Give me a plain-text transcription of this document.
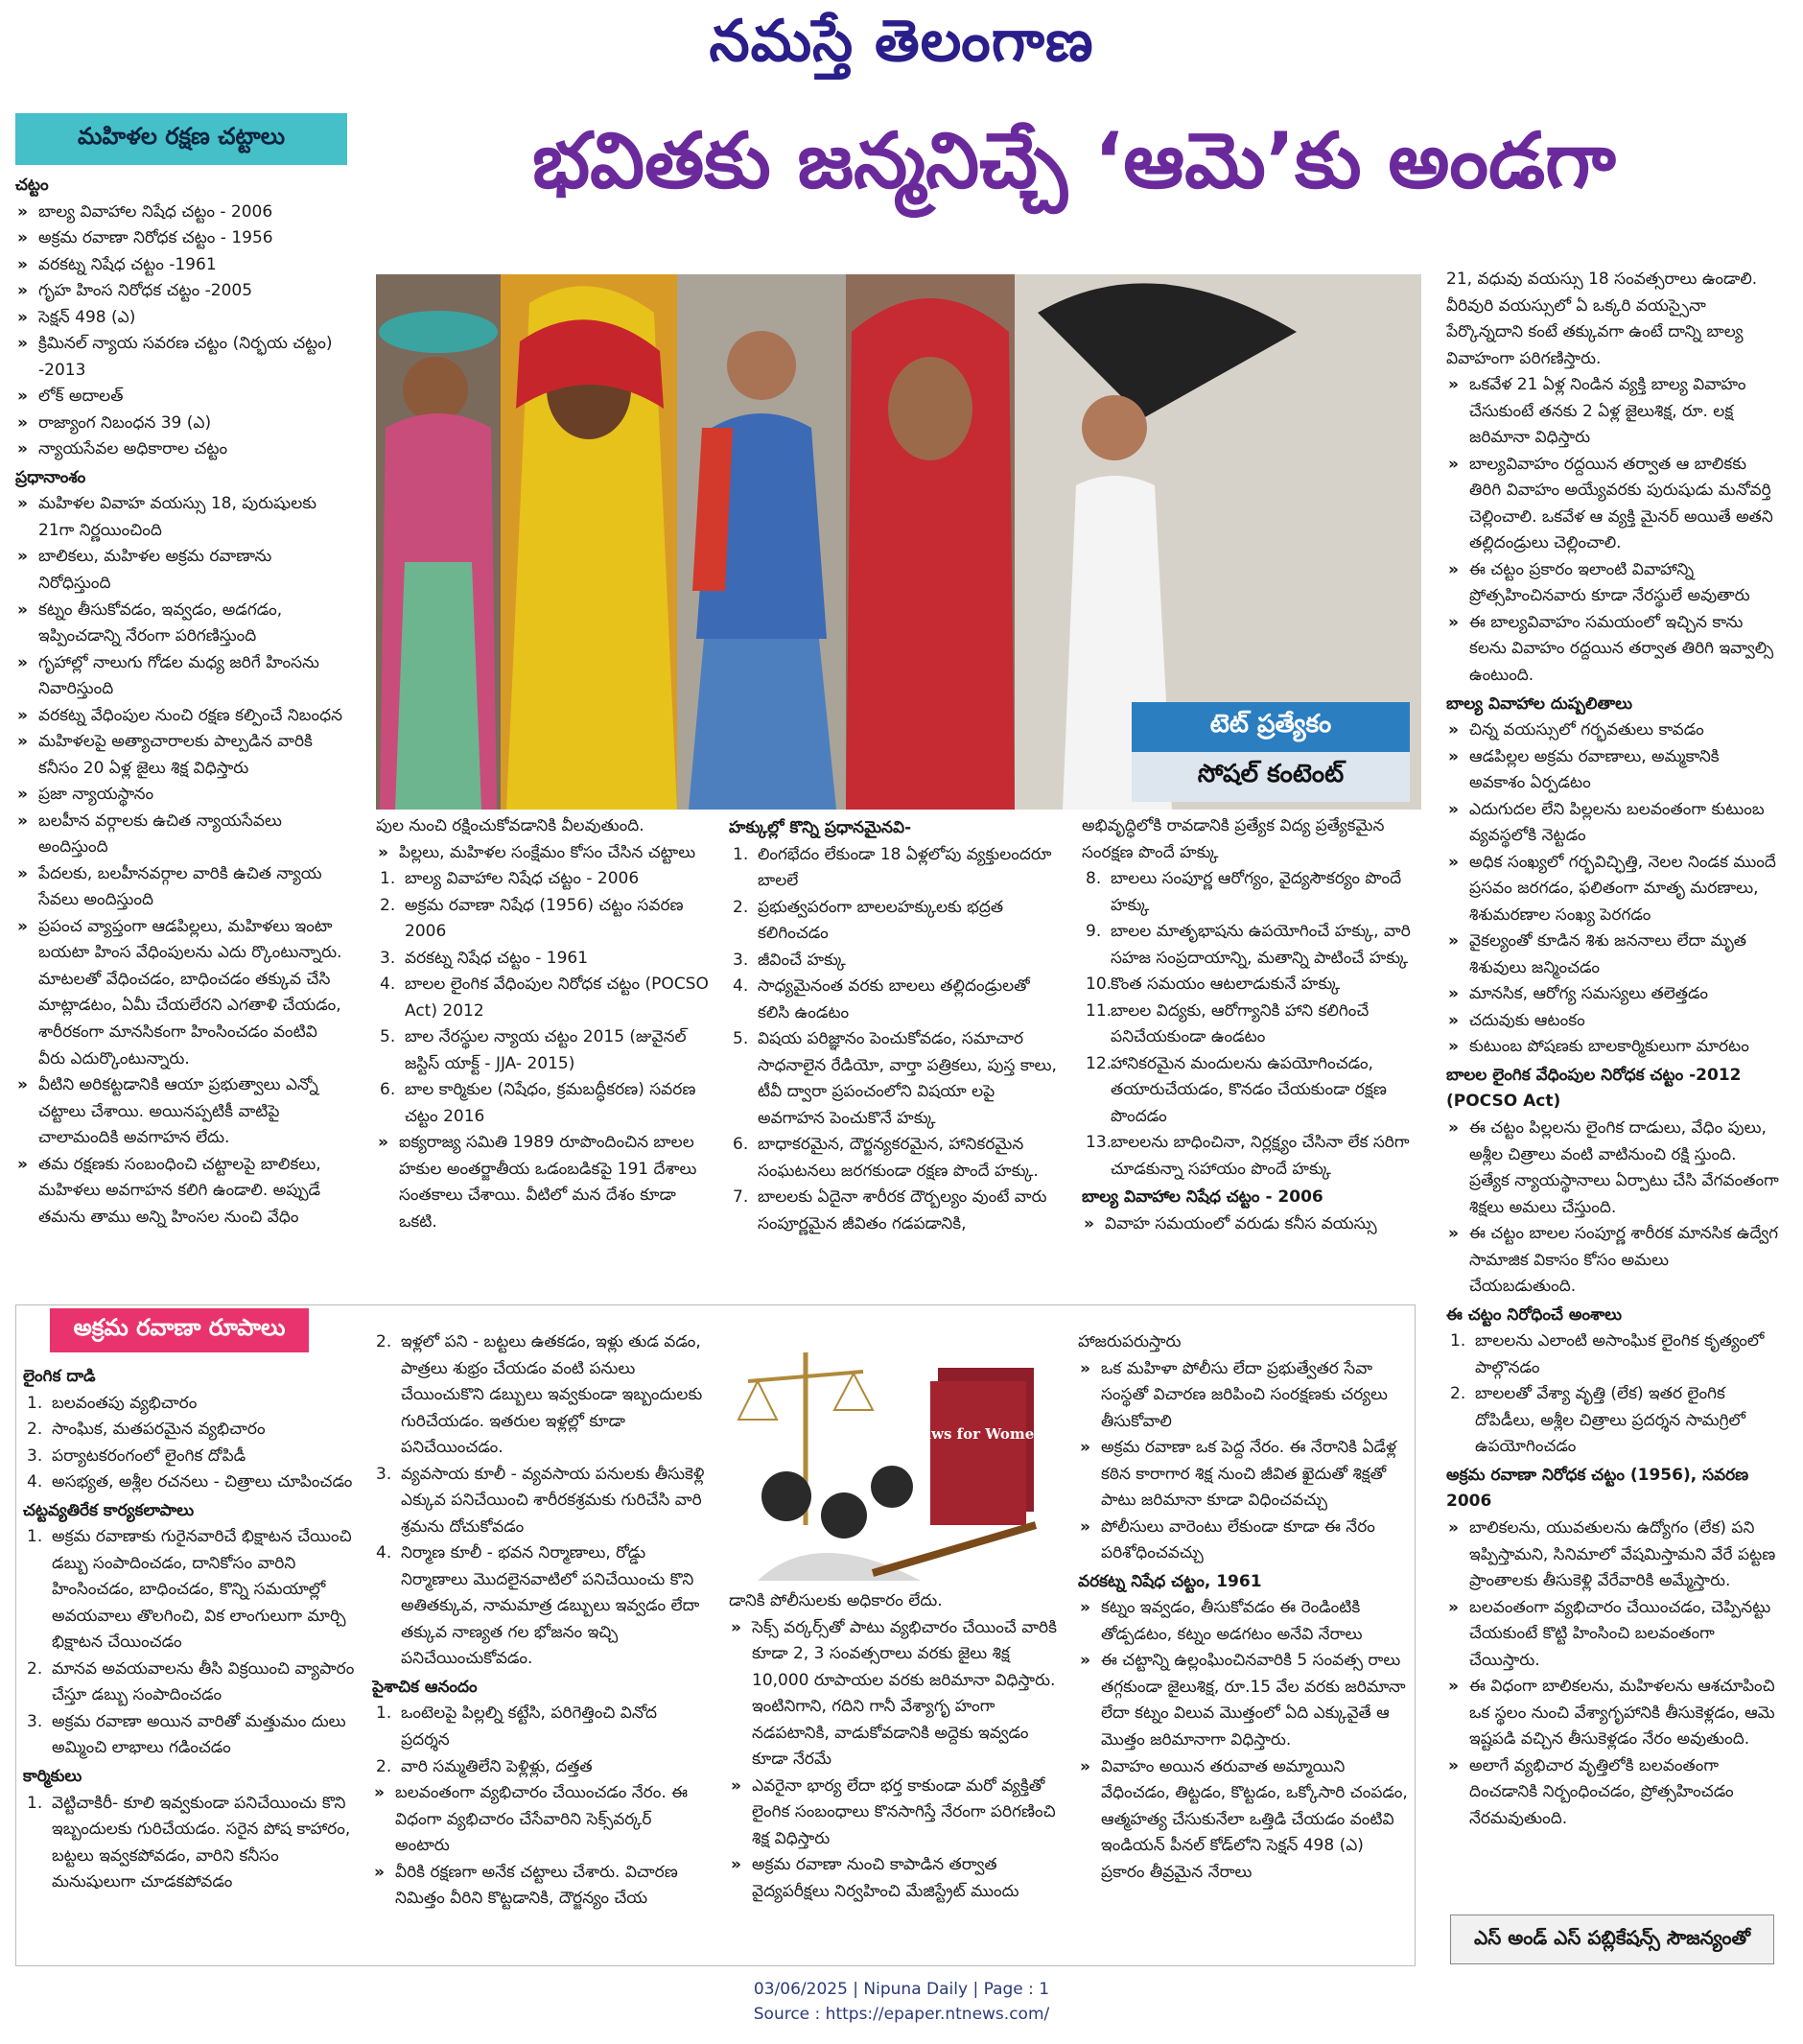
నమస్తే తెలంగాణ
భవితకు జన్మనిచ్చే ‘ఆమె’కు అండగా
మహిళల రక్షణ చట్టాలు
చట్టం
» బాల్య వివాహాల నిషేధ చట్టం - 2006
» అక్రమ రవాణా నిరోధక చట్టం - 1956
» వరకట్న నిషేధ చట్టం -1961
» గృహ హింస నిరోధక చట్టం -2005
» సెక్షన్ 498 (ఎ)
» క్రిమినల్ న్యాయ సవరణ చట్టం (నిర్భయ చట్టం) -2013
» లోక్ అదాలత్
» రాజ్యాంగ నిబంధన 39 (ఎ)
» న్యాయసేవల అధికారాల చట్టం
ప్రధానాంశం
» మహిళల వివాహ వయస్సు 18, పురుషులకు 21గా నిర్ణయించింది
» బాలికలు, మహిళల అక్రమ రవాణాను నిరోధిస్తుంది
» కట్నం తీసుకోవడం, ఇవ్వడం, అడగడం, ఇప్పించడాన్ని నేరంగా పరిగణిస్తుంది
» గృహాల్లో నాలుగు గోడల మధ్య జరిగే హింసను నివారిస్తుంది
» వరకట్న వేధింపుల నుంచి రక్షణ కల్పించే నిబంధన
» మహిళలపై అత్యాచారాలకు పాల్పడిన వారికి కనీసం 20 ఏళ్ల జైలు శిక్ష విధిస్తారు
» ప్రజా న్యాయస్థానం
» బలహీన వర్గాలకు ఉచిత న్యాయసేవలు అందిస్తుంది
» పేదలకు, బలహీనవర్గాల వారికి ఉచిత న్యాయ సేవలు అందిస్తుంది
» ప్రపంచ వ్యాప్తంగా ఆడపిల్లలు, మహిళలు ఇంటా బయటా హింస వేధింపులను ఎదు ర్కొంటున్నారు. మాటలతో వేధించడం, బాధించడం తక్కువ చేసి మాట్లాడటం, ఏమీ చేయలేరని ఎగతాళి చేయడం, శారీరకంగా మానసికంగా హింసించడం వంటివి వీరు ఎదుర్కొంటున్నారు.
» వీటిని అరికట్టడానికి ఆయా ప్రభుత్వాలు ఎన్నో చట్టాలు చేశాయి. అయినప్పటికీ వాటిపై చాలామందికి అవగాహన లేదు.
» తమ రక్షణకు సంబంధించి చట్టాలపై బాలికలు, మహిళలు అవగాహన కలిగి ఉండాలి. అప్పుడే తమను తాము అన్ని హింసల నుంచి వేధిం
టెట్ ప్రత్యేకం
సోషల్ కంటెంట్
పుల నుంచి రక్షించుకోవడానికి వీలవుతుంది.
» పిల్లలు, మహిళల సంక్షేమం కోసం చేసిన చట్టాలు
1. బాల్య వివాహాల నిషేధ చట్టం - 2006
2. అక్రమ రవాణా నిషేధ (1956) చట్టం సవరణ 2006
3. వరకట్న నిషేధ చట్టం - 1961
4. బాలల లైంగిక వేధింపుల నిరోధక చట్టం (POCSO Act) 2012
5. బాల నేరస్థుల న్యాయ చట్టం 2015 (జువైనల్ జస్టిస్ యాక్ట్ - JJA- 2015)
6. బాల కార్మికుల (నిషేధం, క్రమబద్ధీకరణ) సవరణ చట్టం 2016
» ఐక్యరాజ్య సమితి 1989 రూపొందించిన బాలల హకుల అంతర్జాతీయ ఒడంబడికపై 191 దేశాలు సంతకాలు చేశాయి. వీటిలో మన దేశం కూడా ఒకటి.
హక్కుల్లో కొన్ని ప్రధానమైనవి-
1. లింగభేదం లేకుండా 18 ఏళ్లలోపు వ్యక్తులందరూ బాలలే
2. ప్రభుత్వపరంగా బాలలహక్కులకు భద్రత కలిగించడం
3. జీవించే హక్కు
4. సాధ్యమైనంత వరకు బాలలు తల్లిదండ్రులతో కలిసి ఉండటం
5. విషయ పరిజ్ఞానం పెంచుకోవడం, సమాచార సాధనాలైన రేడియో, వార్తా పత్రికలు, పుస్త కాలు, టీవీ ద్వారా ప్రపంచంలోని విషయా లపై అవగాహన పెంచుకొనే హక్కు
6. బాధాకరమైన, దౌర్జన్యకరమైన, హానికరమైన సంఘటనలు జరగకుండా రక్షణ పొందే హక్కు.
7. బాలలకు ఏదైనా శారీరక దౌర్బల్యం వుంటే వారు సంపూర్ణమైన జీవితం గడపడానికి,
అభివృద్ధిలోకి రావడానికి ప్రత్యేక విద్య ప్రత్యేకమైన సంరక్షణ పొందే హక్కు
8. బాలలు సంపూర్ణ ఆరోగ్యం, వైద్యసౌకర్యం పొందే హక్కు
9. బాలల మాతృభాషను ఉపయోగించే హక్కు, వారి సహజ సంప్రదాయాన్ని, మతాన్ని పాటించే హక్కు
10.
కొంత సమయం ఆటలాడుకునే హక్కు
11.
బాలల విద్యకు, ఆరోగ్యానికి హాని కలిగించే పనిచేయకుండా ఉండటం
12.
హానికరమైన మందులను ఉపయోగించడం, తయారుచేయడం, కొనడం చేయకుండా రక్షణ పొందడం
13.
బాలలను బాధించినా, నిర్లక్ష్యం చేసినా లేక సరిగా చూడకున్నా సహాయం పొందే హక్కు
బాల్య వివాహాల నిషేధ చట్టం - 2006
» వివాహ సమయంలో వరుడు కనీస వయస్సు
21, వధువు వయస్సు 18 సంవత్సరాలు ఉండాలి. వీరివురి వయస్సులో ఏ ఒక్కరి వయస్సైనా పేర్కొన్నదాని కంటే తక్కువగా ఉంటే దాన్ని బాల్య వివాహంగా పరిగణిస్తారు.
» ఒకవేళ 21 ఏళ్ల నిండిన వ్యక్తి బాల్య వివాహం చేసుకుంటే తనకు 2 ఏళ్ల జైలుశిక్ష, రూ. లక్ష జరిమానా విధిస్తారు
» బాల్యవివాహం రద్దయిన తర్వాత ఆ బాలికకు తిరిగి వివాహం అయ్యేవరకు పురుషుడు మనోవర్తి చెల్లించాలి. ఒకవేళ ఆ వ్యక్తి మైనర్ అయితే అతని తల్లిదండ్రులు చెల్లించాలి.
» ఈ చట్టం ప్రకారం ఇలాంటి వివాహాన్ని ప్రోత్సహించినవారు కూడా నేరస్థులే అవుతారు
» ఈ బాల్యవివాహం సమయంలో ఇచ్చిన కాను కలను వివాహం రద్దయిన తర్వాత తిరిగి ఇవ్వాల్సి ఉంటుంది.
బాల్య వివాహాల దుష్పలితాలు
» చిన్న వయస్సులో గర్భవతులు కావడం
» ఆడపిల్లల అక్రమ రవాణాలు, అమ్మకానికి అవకాశం ఏర్పడటం
» ఎదుగుదల లేని పిల్లలను బలవంతంగా కుటుంబ వ్యవస్థలోకి నెట్టడం
» అధిక సంఖ్యలో గర్భవిచ్ఛిత్తి, నెలల నిండక ముందే ప్రసవం జరగడం, ఫలితంగా మాతృ మరణాలు, శిశుమరణాల సంఖ్య పెరగడం
» వైకల్యంతో కూడిన శిశు జననాలు లేదా మృత శిశువులు జన్మించడం
» మానసిక, ఆరోగ్య సమస్యలు తలెత్తడం
» చదువుకు ఆటంకం
» కుటుంబ పోషణకు బాలకార్మికులుగా మారటం
బాలల లైంగిక వేధింపుల నిరోధక చట్టం -2012 (POCSO Act)
» ఈ చట్టం పిల్లలను లైంగిక దాడులు, వేధిం పులు, అశ్లీల చిత్రాలు వంటి వాటినుంచి రక్షి స్తుంది. ప్రత్యేక న్యాయస్థానాలు ఏర్పాటు చేసి వేగవంతంగా శిక్షలు అమలు చేస్తుంది.
» ఈ చట్టం బాలల సంపూర్ణ శారీరక మానసిక ఉద్వేగ సామాజిక వికాసం కోసం అమలు చేయబడుతుంది.
ఈ చట్టం నిరోధించే అంశాలు
1. బాలలను ఎలాంటి అసాంఘిక లైంగిక కృత్యంలో పాల్గొనడం
2. బాలలతో వేశ్యా వృత్తి (లేక) ఇతర లైంగిక దోపిడీలు, అశ్లీల చిత్రాలు ప్రదర్శన సామగ్రిలో ఉపయోగించడం
అక్రమ రవాణా నిరోధక చట్టం (1956), సవరణ 2006
» బాలికలను, యువతులను ఉద్యోగం (లేక) పని ఇప్పిస్తామని, సినిమాలో వేషమిస్తామని వేరే పట్టణ ప్రాంతాలకు తీసుకెళ్లి వేరేవారికి అమ్మేస్తారు.
» బలవంతంగా వ్యభిచారం చేయించడం, చెప్పినట్టు చేయకుంటే కొట్టి హింసించి బలవంతంగా చేయిస్తారు.
» ఈ విధంగా బాలికలను, మహిళలను ఆశచూపించి ఒక స్థలం నుంచి వేశ్యాగృహానికి తీసుకెళ్లడం, ఆమె ఇష్టపడి వచ్చిన తీసుకెళ్లడం నేరం అవుతుంది.
» అలాగే వ్యభిచార వృత్తిలోకి బలవంతంగా దించడానికి నిర్బంధించడం, ప్రోత్సహించడం నేరమవుతుంది.
అక్రమ రవాణా రూపాలు
లైంగిక దాడి
1. బలవంతపు వ్యభిచారం
2. సాంఘిక, మతపరమైన వ్యభిచారం
3. పర్యాటకరంగంలో లైంగిక దోపిడీ
4. అసభ్యత, అశ్లీల రచనలు - చిత్రాలు చూపించడం
చట్టవ్యతిరేక కార్యకలాపాలు
1. అక్రమ రవాణాకు గురైనవారిచే భిక్షాటన చేయించి డబ్బు సంపాదించడం, దానికోసం వారిని హింసించడం, బాధించడం, కొన్ని సమయాల్లో అవయవాలు తొలగించి, విక లాంగులుగా మార్చి భిక్షాటన చేయించడం
2. మానవ అవయవాలను తీసి విక్రయించి వ్యాపారం చేస్తూ డబ్బు సంపాదించడం
3. అక్రమ రవాణా అయిన వారితో మత్తుమం దులు అమ్మించి లాభాలు గడించడం
కార్మికులు
1. వెట్టిచాకిరీ- కూలి ఇవ్వకుండా పనిచేయించు కొని ఇబ్బందులకు గురిచేయడం. సరైన పోష కాహారం, బట్టలు ఇవ్వకపోవడం, వారిని కనీసం మనుషులుగా చూడకపోవడం
2. ఇళ్లలో పని - బట్టలు ఉతకడం, ఇళ్లు తుడ వడం, పాత్రలు శుభ్రం చేయడం వంటి పనులు చేయించుకొని డబ్బులు ఇవ్వకుండా ఇబ్బందులకు గురిచేయడం. ఇతరుల ఇళ్లల్లో కూడా పనిచేయించడం.
3. వ్యవసాయ కూలీ - వ్యవసాయ పనులకు తీసుకెళ్లి ఎక్కువ పనిచేయించి శారీరకశ్రమకు గురిచేసి వారి శ్రమను దోచుకోవడం
4. నిర్మాణ కూలీ - భవన నిర్మాణాలు, రోడ్డు నిర్మాణాలు మొదలైనవాటిలో పనిచేయించు కొని అతితక్కువ, నామమాత్ర డబ్బులు ఇవ్వడం లేదా తక్కువ నాణ్యత గల భోజనం ఇచ్చి పనిచేయించుకోవడం.
పైశాచిక ఆనందం
1. ఒంటెలపై పిల్లల్ని కట్టేసి, పరిగెత్తించి వినోద ప్రదర్శన
2. వారి సమ్మతిలేని పెళ్లిళ్లు, దత్తత
» బలవంతంగా వ్యభిచారం చేయించడం నేరం. ఈ విధంగా వ్యభిచారం చేసేవారిని సెక్స్‌వర్కర్ అంటారు
» వీరికి రక్షణగా అనేక చట్టాలు చేశారు. విచారణ నిమిత్తం వీరిని కొట్టడానికి, దౌర్జన్యం చేయ
Laws for Women
డానికి పోలీసులకు అధికారం లేదు.
» సెక్స్ వర్కర్స్‌తో పాటు వ్యభిచారం చేయించే వారికి కూడా 2, 3 సంవత్సరాలు వరకు జైలు శిక్ష 10,000 రూపాయల వరకు జరిమానా విధిస్తారు. ఇంటినిగాని, గదిని గానీ వేశ్యాగృ హంగా నడపటానికి, వాడుకోవడానికి అద్దెకు ఇవ్వడం కూడా నేరమే
» ఎవరైనా భార్య లేదా భర్త కాకుండా మరో వ్యక్తితో లైంగిక సంబంధాలు కొనసాగిస్తే నేరంగా పరిగణించి శిక్ష విధిస్తారు
» అక్రమ రవాణా నుంచి కాపాడిన తర్వాత వైద్యపరీక్షలు నిర్వహించి మేజిస్ట్రేట్ ముందు
హాజరుపరుస్తారు
» ఒక మహిళా పోలీసు లేదా ప్రభుత్వేతర సేవా సంస్థతో విచారణ జరిపించి సంరక్షణకు చర్యలు తీసుకోవాలి
» అక్రమ రవాణా ఒక పెద్ద నేరం. ఈ నేరానికి ఏడేళ్ల కఠిన కారాగార శిక్ష నుంచి జీవిత ఖైదుతో శిక్షతో పాటు జరిమానా కూడా విధించవచ్చు
» పోలీసులు వారెంటు లేకుండా కూడా ఈ నేరం పరిశోధించవచ్చు
వరకట్న నిషేధ చట్టం, 1961
» కట్నం ఇవ్వడం, తీసుకోవడం ఈ రెండింటికి తోడ్పడటం, కట్నం అడగటం అనేవి నేరాలు
» ఈ చట్టాన్ని ఉల్లంఘించినవారికి 5 సంవత్స రాలు తగ్గకుండా జైలుశిక్ష, రూ.15 వేల వరకు జరిమానా లేదా కట్నం విలువ మొత్తంలో ఏది ఎక్కువైతే ఆ మొత్తం జరిమానాగా విధిస్తారు.
» వివాహం అయిన తరువాత అమ్మాయిని వేధించడం, తిట్టడం, కొట్టడం, ఒక్కోసారి చంపడం, ఆత్మహత్య చేసుకునేలా ఒత్తిడి చేయడం వంటివి ఇండియన్ పీనల్ కోడ్‌లోని సెక్షన్ 498 (ఎ) ప్రకారం తీవ్రమైన నేరాలు
ఎస్ అండ్ ఎస్ పబ్లికేషన్స్ సౌజన్యంతో
03/06/2025 | Nipuna Daily | Page : 1
Source : https://epaper.ntnews.com/
